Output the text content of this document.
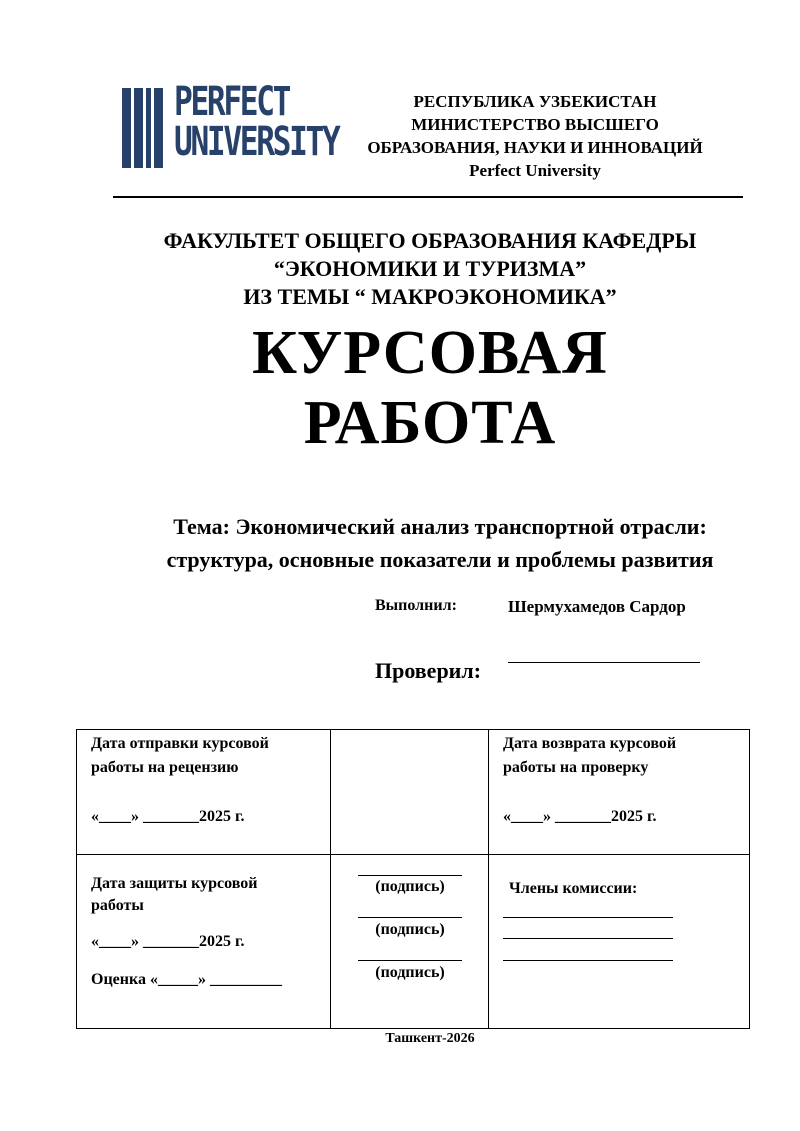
PERFECT
UNIVERSITY
РЕСПУБЛИКА УЗБЕКИСТАН
МИНИСТЕРСТВО ВЫСШЕГО
ОБРАЗОВАНИЯ, НАУКИ И ИННОВАЦИЙ
Perfect University
ФАКУЛЬТЕТ ОБЩЕГО ОБРАЗОВАНИЯ КАФЕДРЫ
“ЭКОНОМИКИ И ТУРИЗМА”
ИЗ ТЕМЫ “ МАКРОЭКОНОМИКА”
КУРСОВАЯ
РАБОТА
Тема: Экономический анализ транспортной отрасли:
структура, основные показатели и проблемы развития
Выполнил:	Шермухамедов Сардор
Проверил:
Дата отправки курсовой
работы на рецензию
«____» _______2025 г.
Дата возврата курсовой
работы на проверку
«____» _______2025 г.
Дата защиты курсовой
работы
«____» _______2025 г.
Оценка «_____» _________
(подпись)
(подпись)
(подпись)
Члены комиссии:
Ташкент-2026
